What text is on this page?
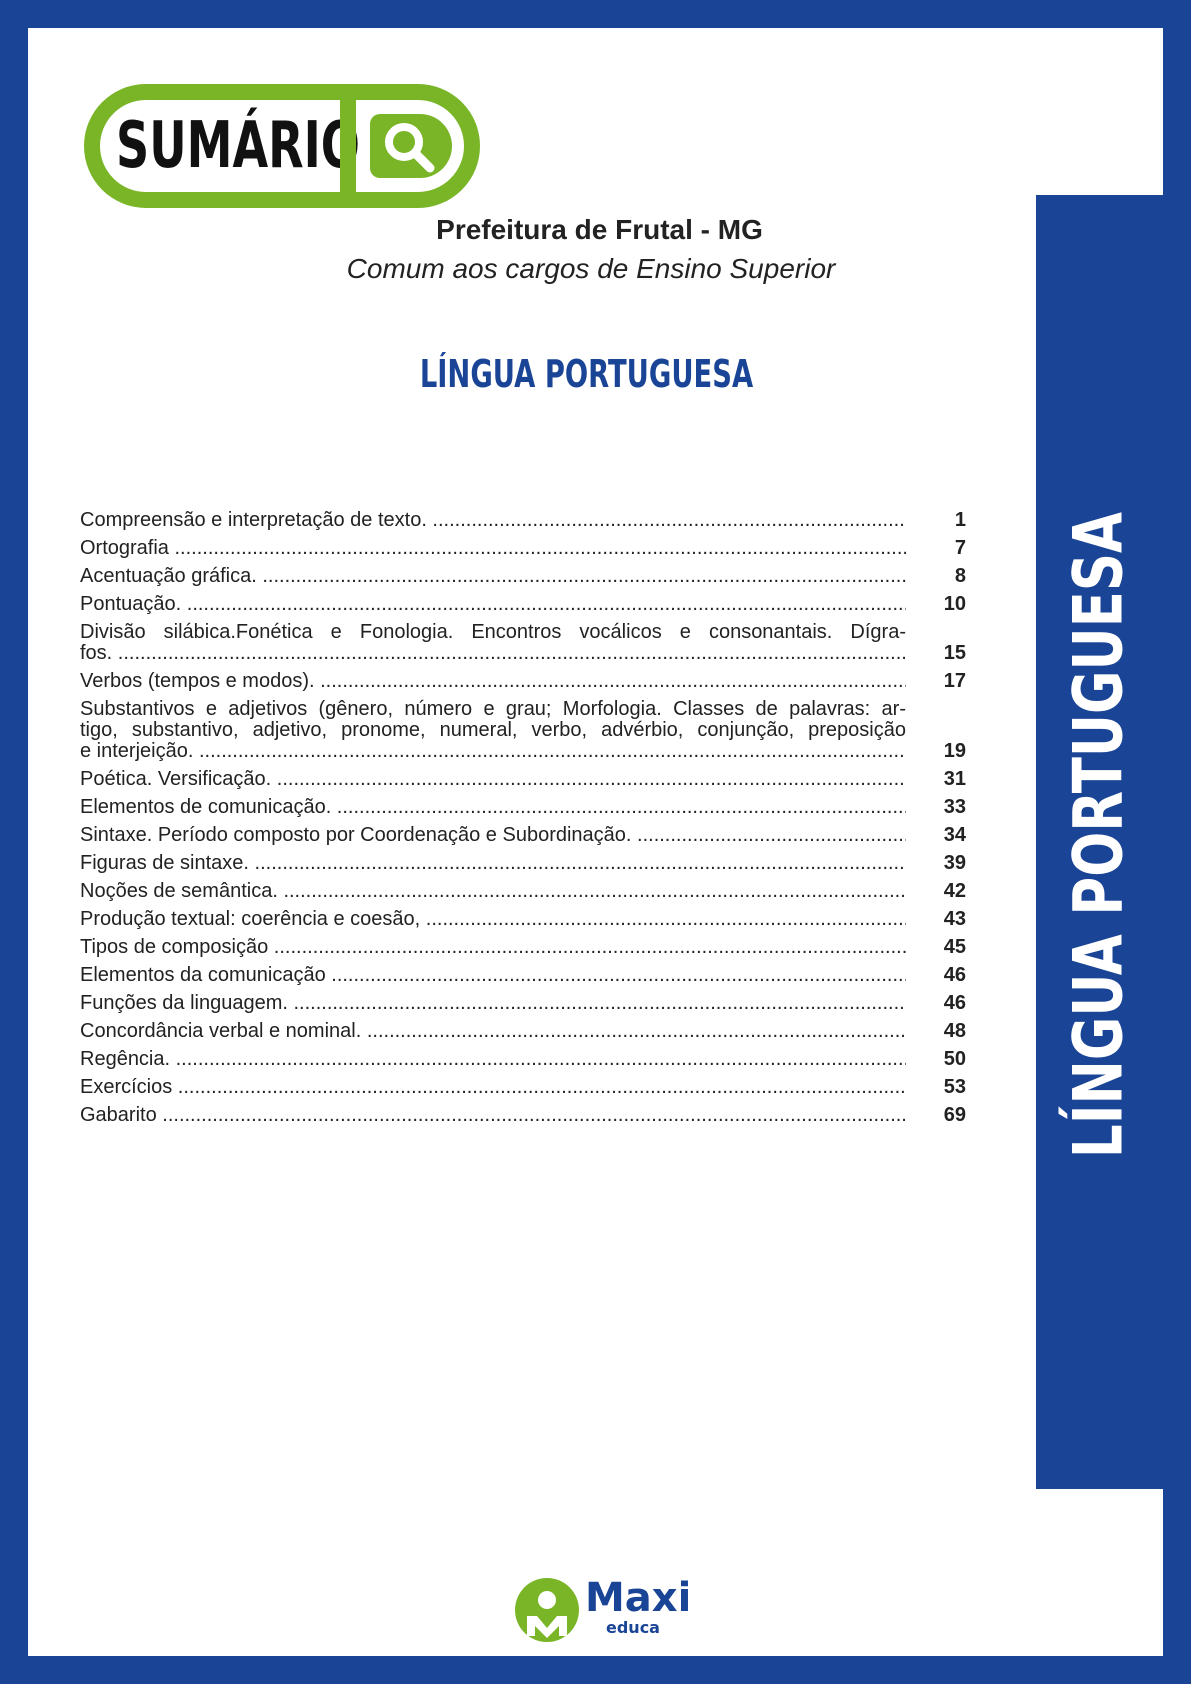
LÍNGUA PORTUGUESA
SUMÁRIO
Prefeitura de Frutal - MG
Comum aos cargos de Ensino Superior
LÍNGUA PORTUGUESA
Compreensão e interpretação de texto. .....	1
Ortografia .....	7
Acentuação gráfica. .....	8
Pontuação. .....	10
Divisão silábica.Fonética e Fonologia. Encontros vocálicos e consonantais. Dígra-
fos. .....	15
Verbos (tempos e modos). .....	17
Substantivos e adjetivos (gênero, número e grau; Morfologia. Classes de palavras: ar-
tigo, substantivo, adjetivo, pronome, numeral, verbo, advérbio, conjunção, preposição
e interjeição. .....	19
Poética. Versificação. .....	31
Elementos de comunicação. .....	33
Sintaxe. Período composto por Coordenação e Subordinação. .....	34
Figuras de sintaxe. .....	39
Noções de semântica. .....	42
Produção textual: coerência e coesão, .....	43
Tipos de composição .....	45
Elementos da comunicação .....	46
Funções da linguagem. .....	46
Concordância verbal e nominal. .....	48
Regência. .....	50
Exercícios .....	53
Gabarito .....	69
Maxi
educa
